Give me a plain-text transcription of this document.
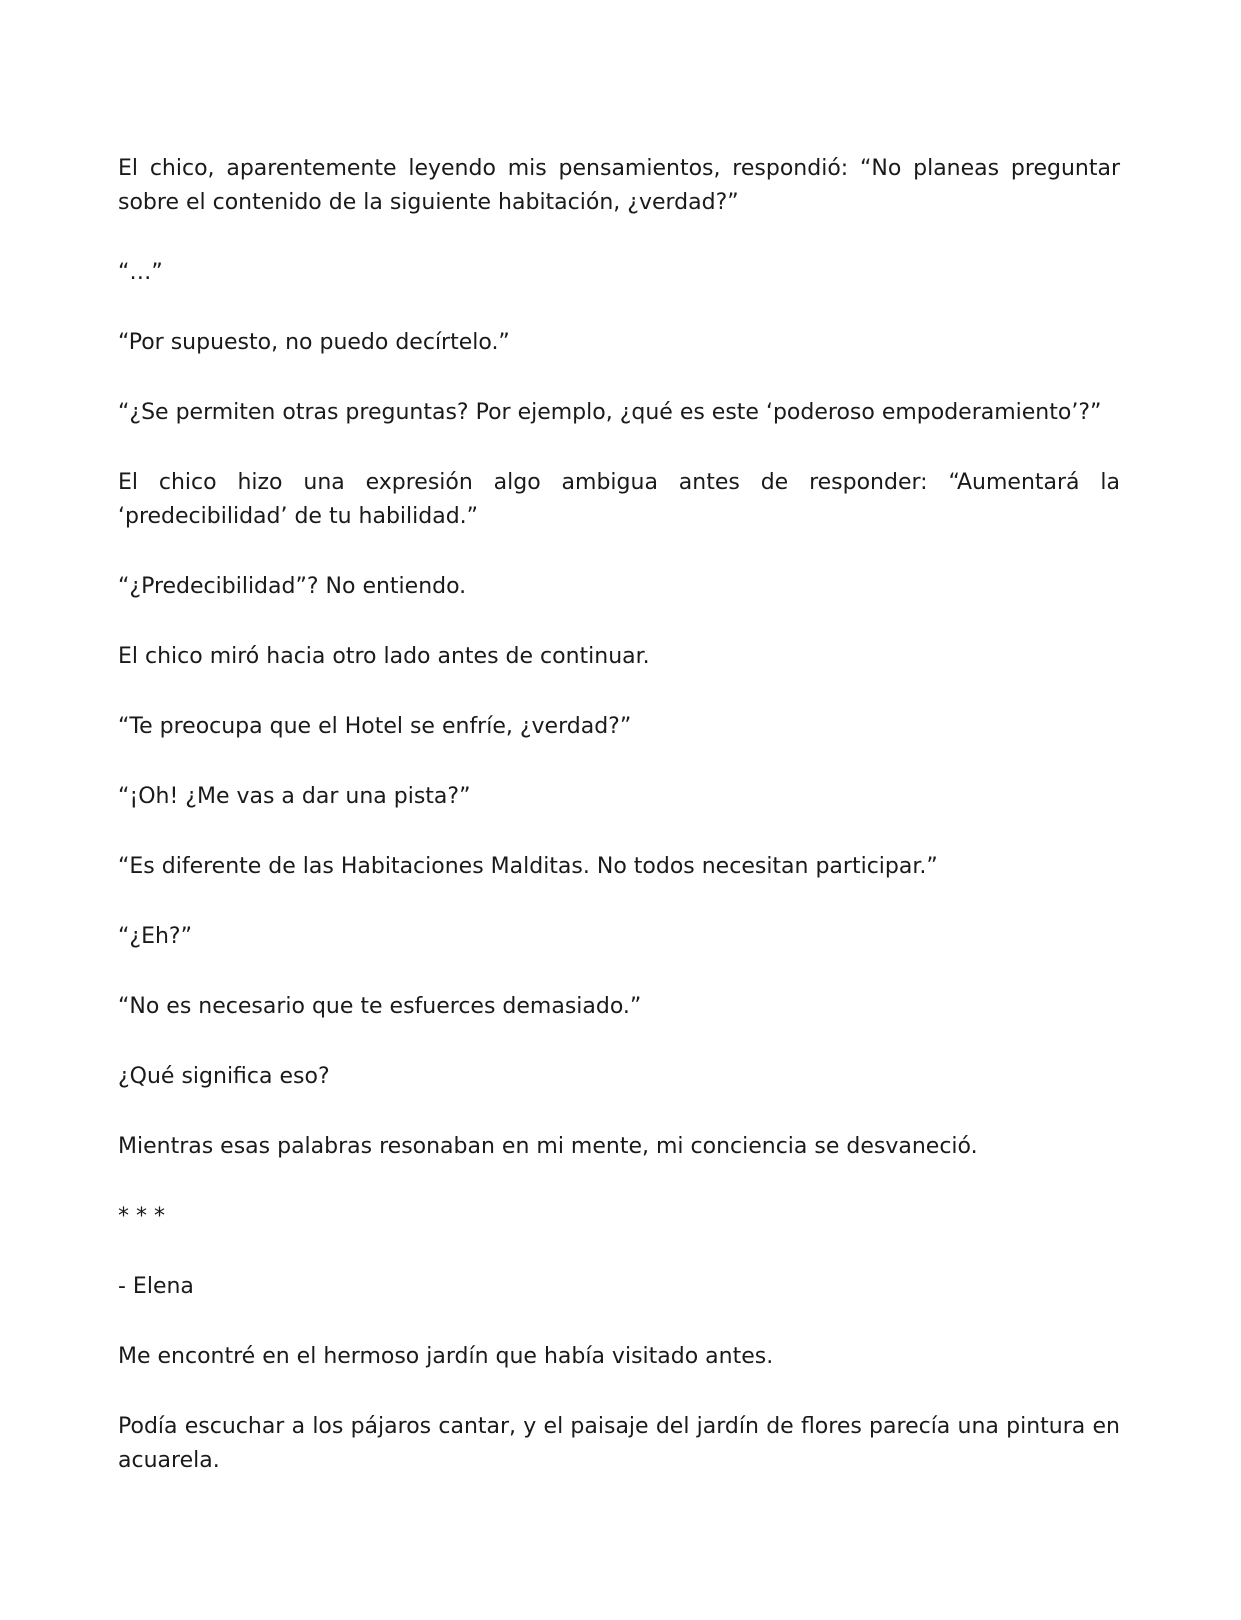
El chico, aparentemente leyendo mis pensamientos, respondió: “No planeas preguntar sobre el contenido de la siguiente habitación, ¿verdad?”

“…”

“Por supuesto, no puedo decírtelo.”

“¿Se permiten otras preguntas? Por ejemplo, ¿qué es este ‘poderoso empoderamiento’?”

El chico hizo una expresión algo ambigua antes de responder: “Aumentará la ‘predecibilidad’ de tu habilidad.”

“¿Predecibilidad”? No entiendo.

El chico miró hacia otro lado antes de continuar.

“Te preocupa que el Hotel se enfríe, ¿verdad?”

“¡Oh! ¿Me vas a dar una pista?”

“Es diferente de las Habitaciones Malditas. No todos necesitan participar.”

“¿Eh?”

“No es necesario que te esfuerces demasiado.”

¿Qué significa eso?

Mientras esas palabras resonaban en mi mente, mi conciencia se desvaneció.

* * *

- Elena

Me encontré en el hermoso jardín que había visitado antes.

Podía escuchar a los pájaros cantar, y el paisaje del jardín de flores parecía una pintura en acuarela.
